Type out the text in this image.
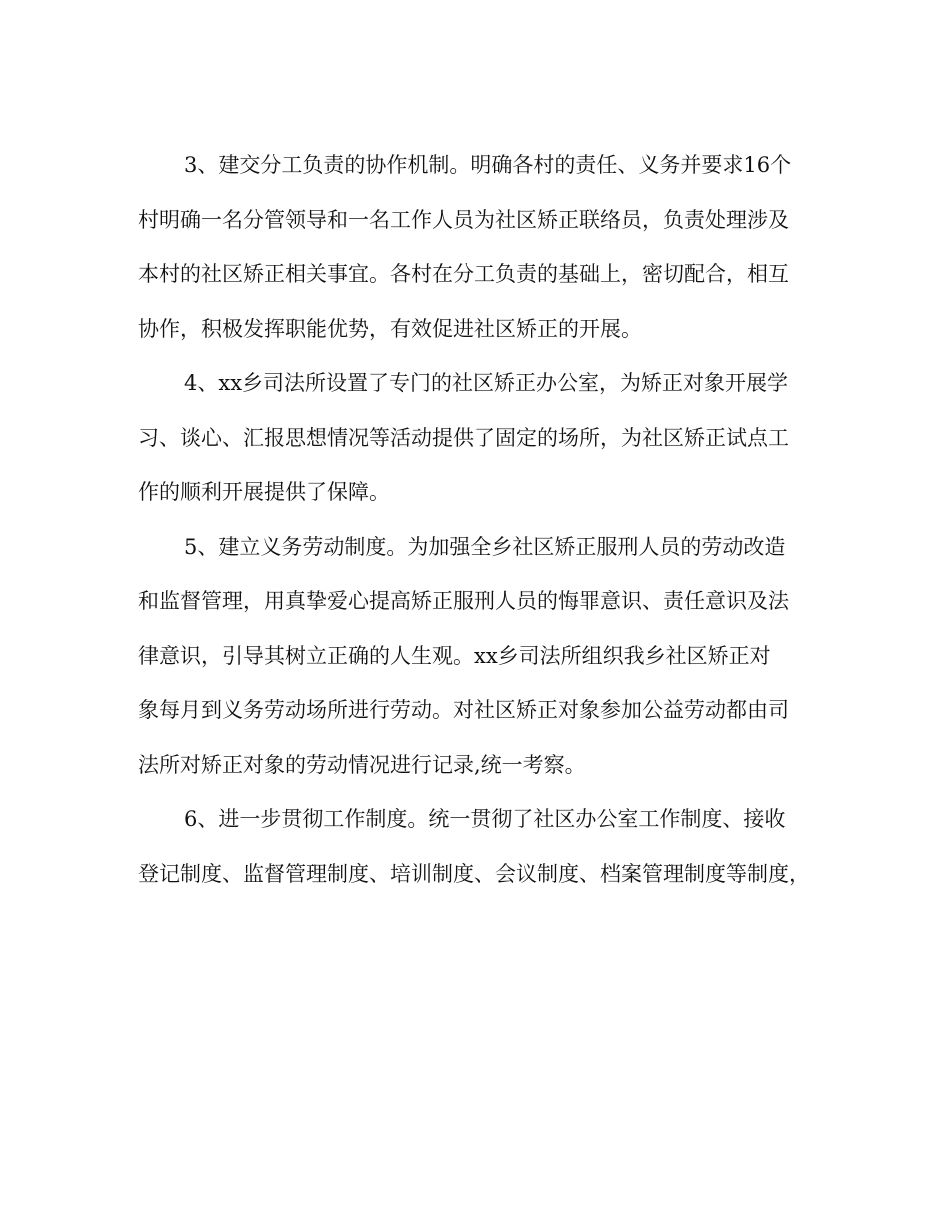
3、建交分工负责的协作机制。明确各村的责任、义务并要求16个
村明确一名分管领导和一名工作人员为社区矫正联络员，负责处理涉及
本村的社区矫正相关事宜。各村在分工负责的基础上，密切配合，相互
协作，积极发挥职能优势，有效促进社区矫正的开展。

4、xx乡司法所设置了专门的社区矫正办公室，为矫正对象开展学
习、谈心、汇报思想情况等活动提供了固定的场所，为社区矫正试点工
作的顺利开展提供了保障。

5、建立义务劳动制度。为加强全乡社区矫正服刑人员的劳动改造
和监督管理，用真挚爱心提高矫正服刑人员的悔罪意识、责任意识及法
律意识，引导其树立正确的人生观。xx乡司法所组织我乡社区矫正对
象每月到义务劳动场所进行劳动。对社区矫正对象参加公益劳动都由司
法所对矫正对象的劳动情况进行记录,统一考察。

6、进一步贯彻工作制度。统一贯彻了社区办公室工作制度、接收
登记制度、监督管理制度、培训制度、会议制度、档案管理制度等制度，
